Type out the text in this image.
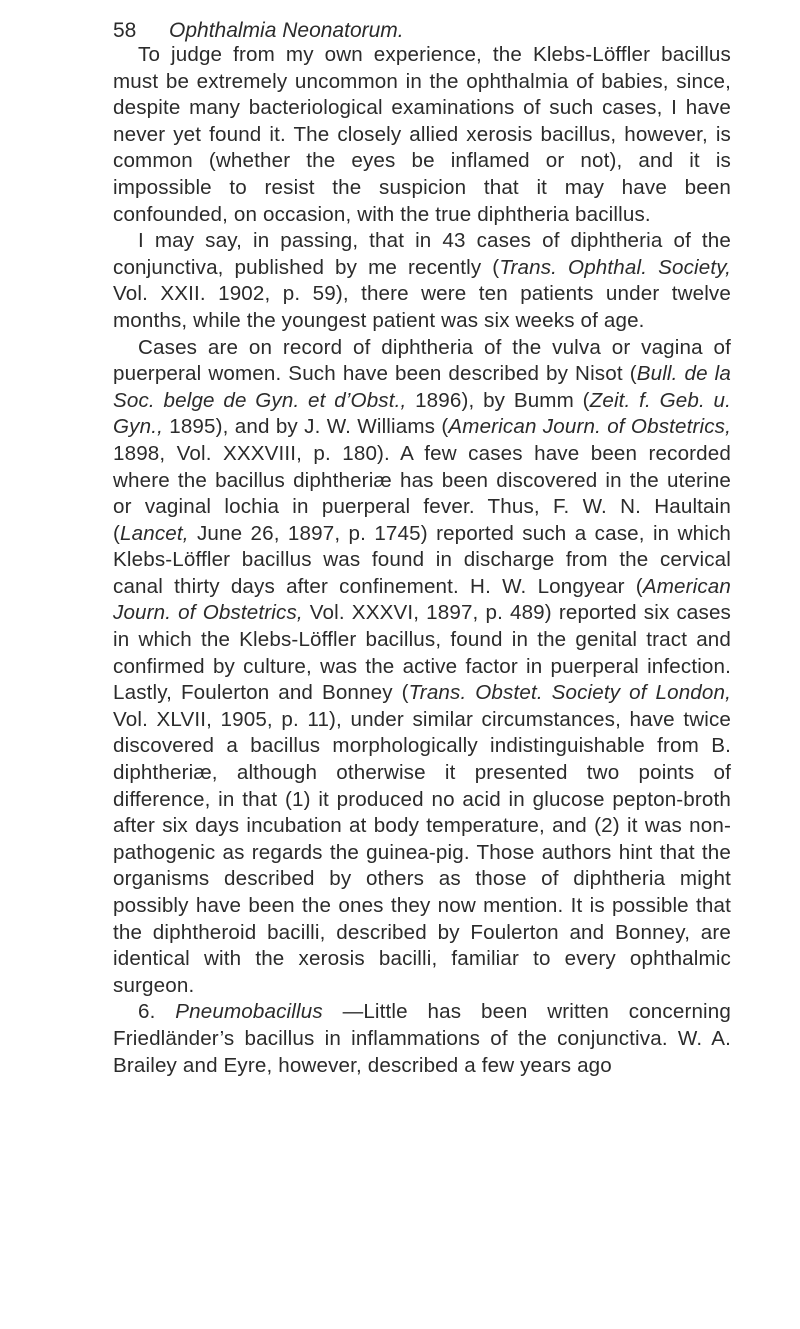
58 Ophthalmia Neonatorum.

To judge from my own experience, the Klebs-Löffler bacillus must be extremely uncommon in the ophthalmia of babies, since, despite many bacteriological examinations of such cases, I have never yet found it. The closely allied xerosis bacillus, however, is common (whether the eyes be inflamed or not), and it is impossible to resist the suspicion that it may have been confounded, on occasion, with the true diphtheria bacillus.

I may say, in passing, that in 43 cases of diphtheria of the conjunctiva, published by me recently (Trans. Ophthal. Society, Vol. XXII. 1902, p. 59), there were ten patients under twelve months, while the youngest patient was six weeks of age.

Cases are on record of diphtheria of the vulva or vagina of puerperal women. Such have been described by Nisot (Bull. de la Soc. belge de Gyn. et d’Obst., 1896), by Bumm (Zeit. f. Geb. u. Gyn., 1895), and by J. W. Williams (American Journ. of Obstetrics, 1898, Vol. XXXVIII, p. 180). A few cases have been recorded where the bacillus diphtheriæ has been discovered in the uterine or vaginal lochia in puerperal fever. Thus, F. W. N. Haultain (Lancet, June 26, 1897, p. 1745) reported such a case, in which Klebs-Löffler bacillus was found in discharge from the cervical canal thirty days after confinement. H. W. Longyear (American Journ. of Obstetrics, Vol. XXXVI, 1897, p. 489) reported six cases in which the Klebs-Löffler bacillus, found in the genital tract and confirmed by culture, was the active factor in puerperal infection. Lastly, Foulerton and Bonney (Trans. Obstet. Society of London, Vol. XLVII, 1905, p. 11), under similar circumstances, have twice discovered a bacillus morphologically indistinguishable from B. diphtheriæ, although otherwise it presented two points of difference, in that (1) it produced no acid in glucose pepton-broth after six days incubation at body temperature, and (2) it was non-pathogenic as regards the guinea-pig. Those authors hint that the organisms described by others as those of diphtheria might possibly have been the ones they now mention. It is possible that the diphtheroid bacilli, described by Foulerton and Bonney, are identical with the xerosis bacilli, familiar to every ophthalmic surgeon.

6. Pneumobacillus —Little has been written concerning Friedländer’s bacillus in inflammations of the conjunctiva. W. A. Brailey and Eyre, however, described a few years ago
